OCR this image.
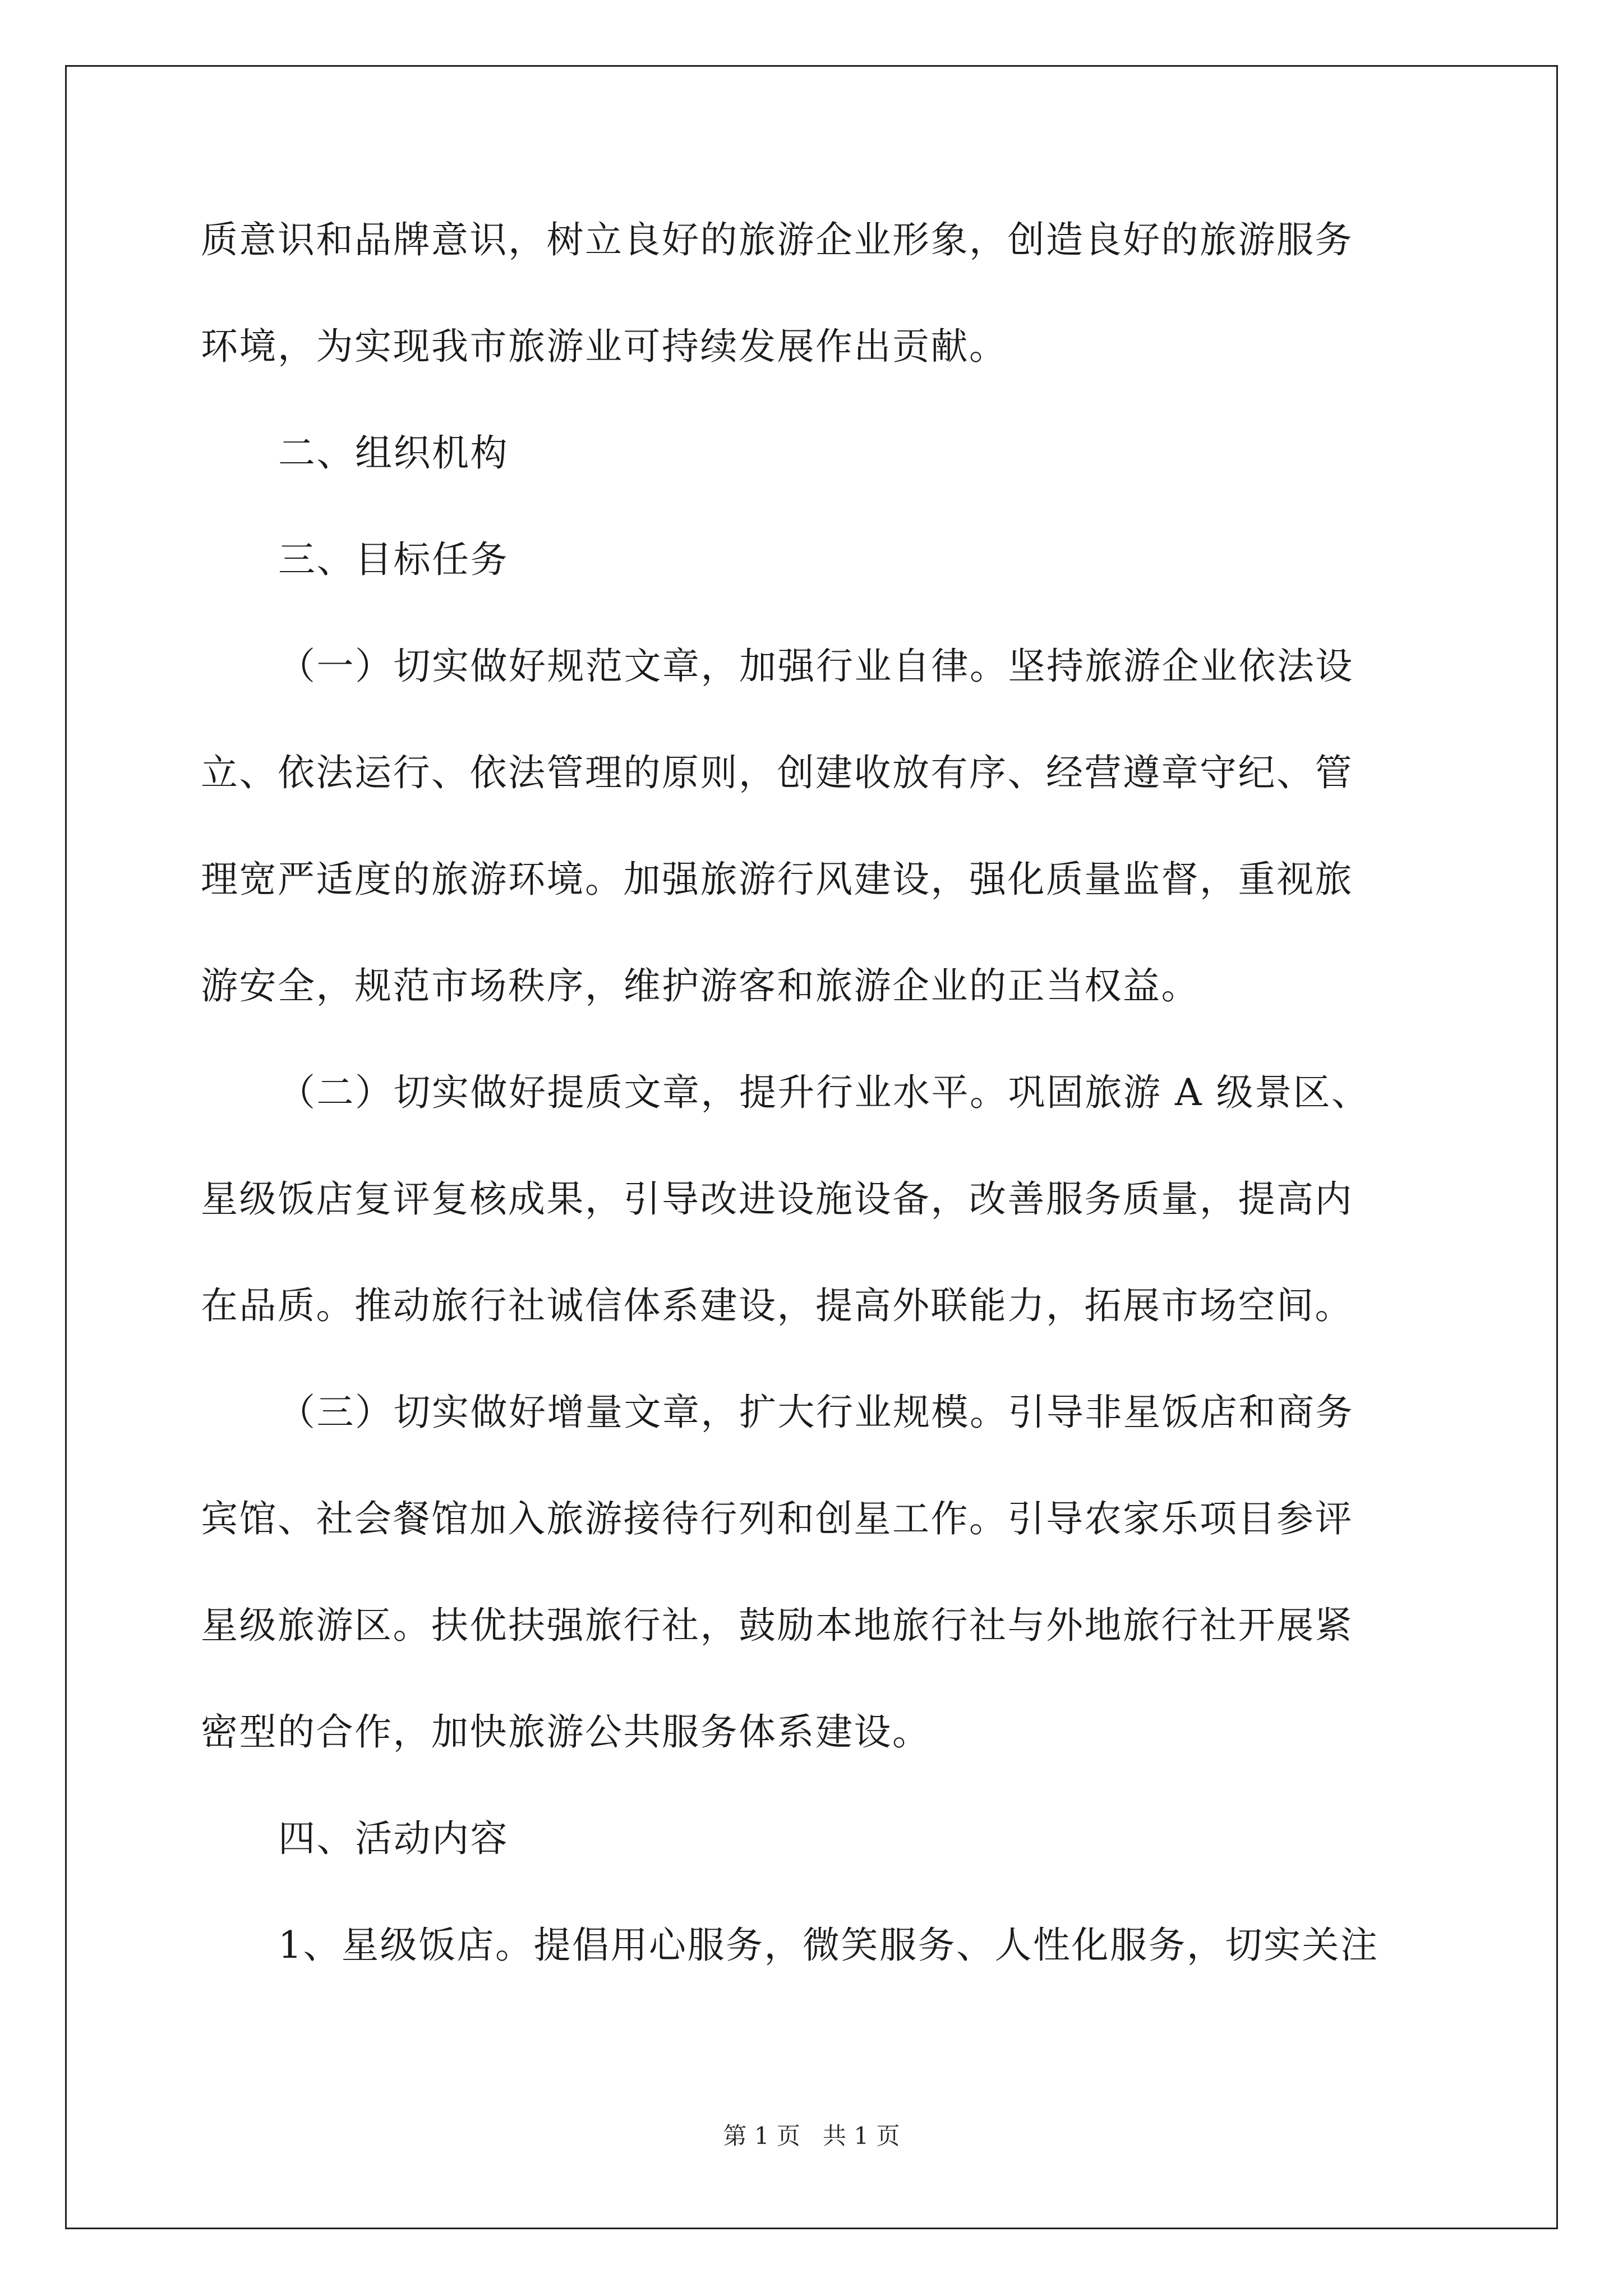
质意识和品牌意识，树立良好的旅游企业形象，创造良好的旅游服务
环境，为实现我市旅游业可持续发展作出贡献。
二、组织机构
三、目标任务
（一）切实做好规范文章，加强行业自律。坚持旅游企业依法设
立、依法运行、依法管理的原则，创建收放有序、经营遵章守纪、管
理宽严适度的旅游环境。加强旅游行风建设，强化质量监督，重视旅
游安全，规范市场秩序，维护游客和旅游企业的正当权益。
（二）切实做好提质文章，提升行业水平。巩固旅游 A 级景区、
星级饭店复评复核成果，引导改进设施设备，改善服务质量，提高内
在品质。推动旅行社诚信体系建设，提高外联能力，拓展市场空间。
（三）切实做好增量文章，扩大行业规模。引导非星饭店和商务
宾馆、社会餐馆加入旅游接待行列和创星工作。引导农家乐项目参评
星级旅游区。扶优扶强旅行社，鼓励本地旅行社与外地旅行社开展紧
密型的合作，加快旅游公共服务体系建设。
四、活动内容
1、星级饭店。提倡用心服务，微笑服务、人性化服务，切实关注
第 1 页   共 1 页
